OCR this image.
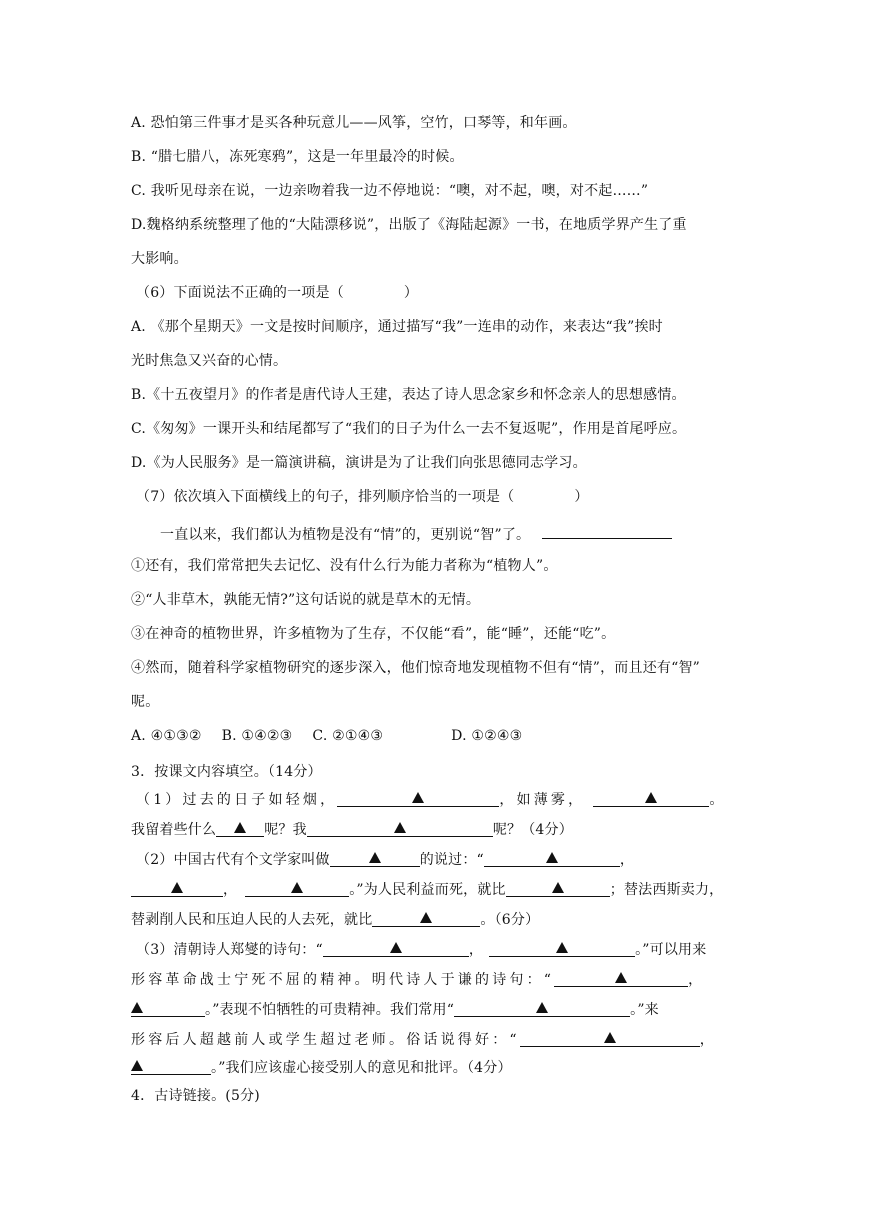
A. 恐怕第三件事才是买各种玩意儿——风筝，空竹，口琴等，和年画。
B. “腊七腊八，冻死寒鸦”，这是一年里最冷的时候。
C. 我听见母亲在说，一边亲吻着我一边不停地说：“噢，对不起，噢，对不起……”
D.魏格纳系统整理了他的“大陆漂移说”，出版了《海陆起源》一书，在地质学界产生了重
大影响。
（6）下面说法不正确的一项是（	）
A. 《那个星期天》一文是按时间顺序，通过描写“我”一连串的动作，来表达“我”挨时
光时焦急又兴奋的心情。
B.《十五夜望月》的作者是唐代诗人王建，表达了诗人思念家乡和怀念亲人的思想感情。
C.《匆匆》一课开头和结尾都写了“我们的日子为什么一去不复返呢”，作用是首尾呼应。
D.《为人民服务》是一篇演讲稿，演讲是为了让我们向张思德同志学习。
（7）依次填入下面横线上的句子，排列顺序恰当的一项是（	）
一直以来，我们都认为植物是没有“情”的，更别说“智”了。
①还有，我们常常把失去记忆、没有什么行为能力者称为“植物人”。
②“人非草木，孰能无情?”这句话说的就是草木的无情。
③在神奇的植物世界，许多植物为了生存，不仅能“看”，能“睡”，还能“吃”。
④然而，随着科学家植物研究的逐步深入，他们惊奇地发现植物不但有“情”，而且还有“智”
呢。
A. ④①③② B. ①④②③ C. ②①④③	D. ①②④③
3．按课文内容填空。（14分）
（1）过去的日子如轻烟，	，如薄雾，	。
我留着些什么	呢？我	呢？（4分）
（2）中国古代有个文学家叫做	的说过：“	，
，	。”为人民利益而死，就比	；替法西斯卖力，
替剥削人民和压迫人民的人去死，就比	。（6分）
（3）清朝诗人郑燮的诗句：“	，	。”可以用来
形容革命战士宁死不屈的精神。明代诗人于谦的诗句：“	，
。”表现不怕牺牲的可贵精神。我们常用“	。”来
形容后人超越前人或学生超过老师。俗话说得好：“	，
。”我们应该虚心接受别人的意见和批评。（4分）
4．古诗链接。(5分)
